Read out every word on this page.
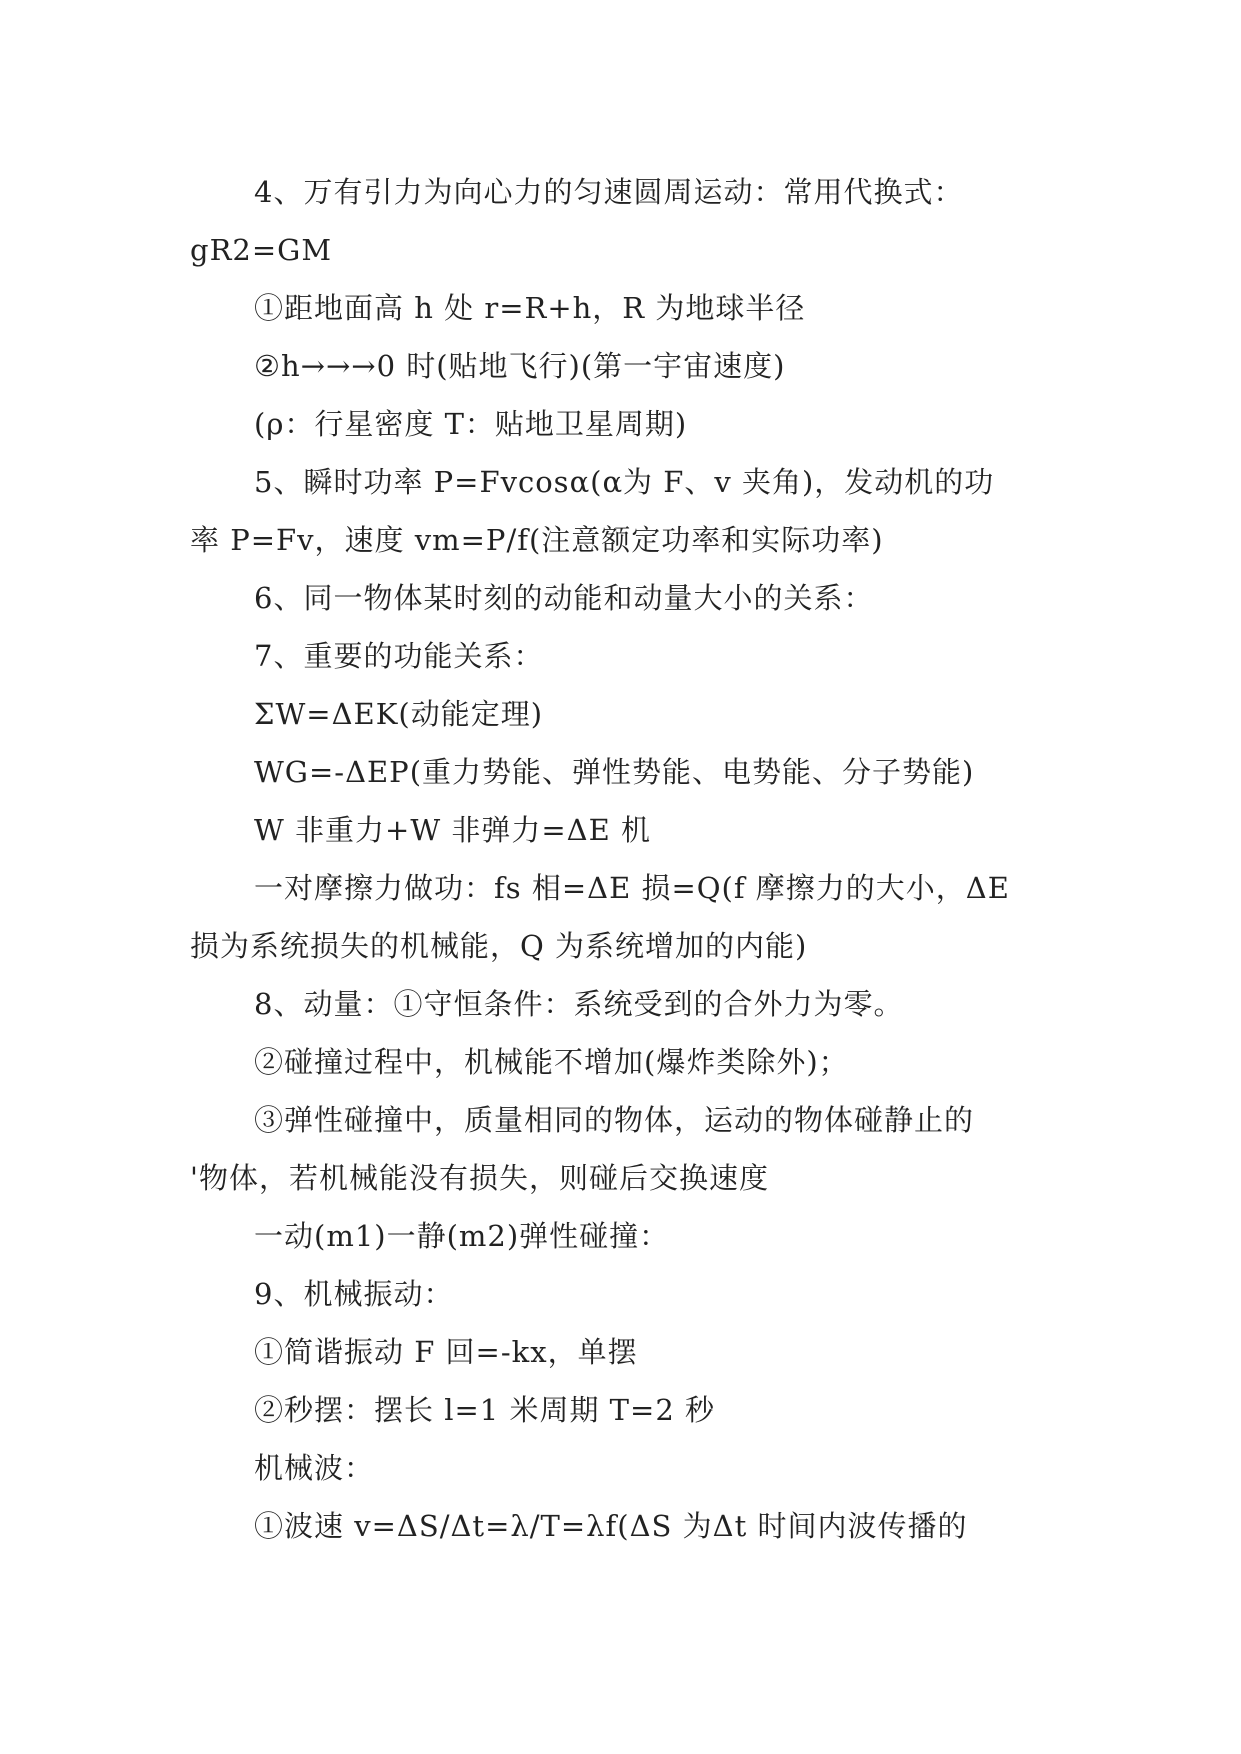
4、万有引力为向心力的匀速圆周运动：常用代换式：
gR2=GM
①距地面高 h 处 r=R+h，R 为地球半径
②h→→→0 时(贴地飞行)(第一宇宙速度)
(ρ：行星密度 T：贴地卫星周期)
5、瞬时功率 P=Fvcosα(α为 F、v 夹角)，发动机的功
率 P=Fv，速度 vm=P/f(注意额定功率和实际功率)
6、同一物体某时刻的动能和动量大小的关系：
7、重要的功能关系：
ΣW=ΔEK(动能定理)
WG=-ΔEP(重力势能、弹性势能、电势能、分子势能)
W 非重力+W 非弹力=ΔE 机
一对摩擦力做功：fs 相=ΔE 损=Q(f 摩擦力的大小，ΔE
损为系统损失的机械能，Q 为系统增加的内能)
8、动量：①守恒条件：系统受到的合外力为零。
②碰撞过程中，机械能不增加(爆炸类除外)；
③弹性碰撞中，质量相同的物体，运动的物体碰静止的
'物体，若机械能没有损失，则碰后交换速度
一动(m1)一静(m2)弹性碰撞：
9、机械振动：
①简谐振动 F 回=-kx，单摆
②秒摆：摆长 l=1 米周期 T=2 秒
机械波：
①波速 v=ΔS/Δt=λ/T=λf(ΔS 为Δt 时间内波传播的
